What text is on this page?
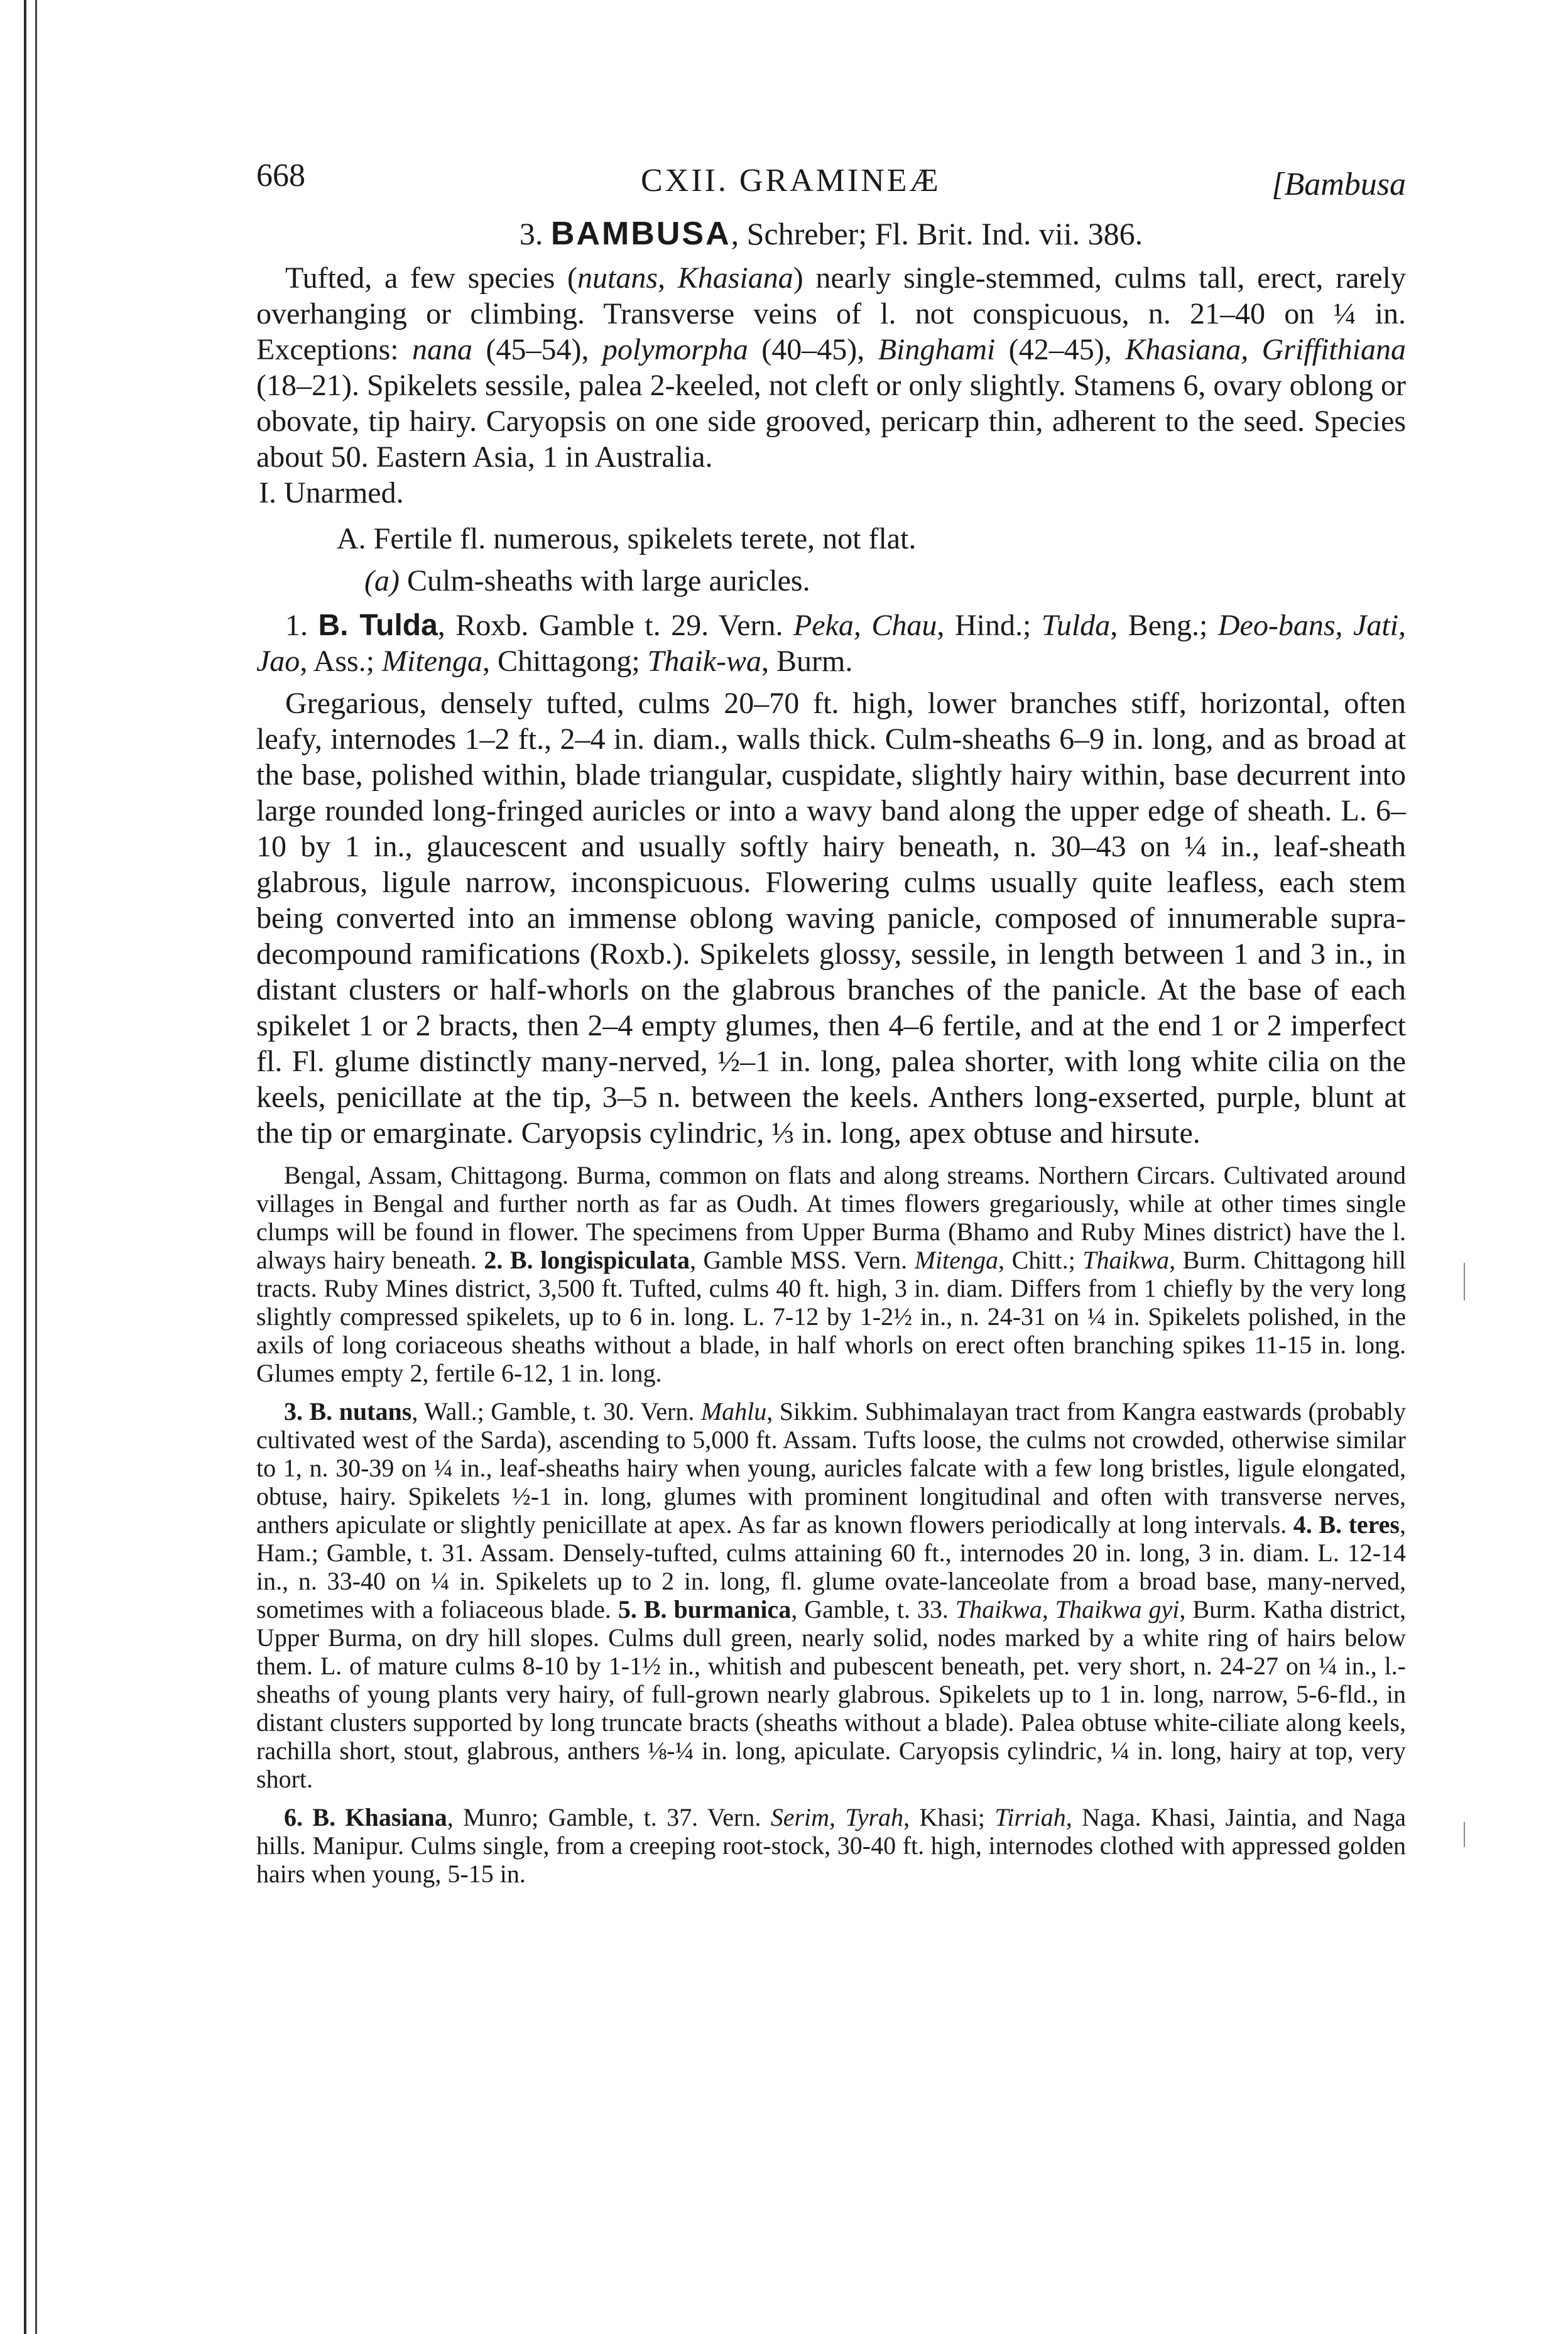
668	CXII. GRAMINEÆ	[Bambusa
3. BAMBUSA, Schreber; Fl. Brit. Ind. vii. 386.

Tufted, a few species (nutans, Khasiana) nearly single-stemmed, culms tall, erect, rarely overhanging or climbing. Transverse veins of l. not conspicuous, n. 21–40 on ¼ in. Exceptions: nana (45–54), polymorpha (40–45), Binghami (42–45), Khasiana, Griffithiana (18–21). Spikelets sessile, palea 2-keeled, not cleft or only slightly. Stamens 6, ovary oblong or obovate, tip hairy. Caryopsis on one side grooved, pericarp thin, adherent to the seed. Species about 50. Eastern Asia, 1 in Australia.

I. Unarmed.

A. Fertile fl. numerous, spikelets terete, not flat.

(a) Culm-sheaths with large auricles.

1. B. Tulda, Roxb. Gamble t. 29. Vern. Peka, Chau, Hind.; Tulda, Beng.; Deo-bans, Jati, Jao, Ass.; Mitenga, Chittagong; Thaik-wa, Burm.

Gregarious, densely tufted, culms 20–70 ft. high, lower branches stiff, horizontal, often leafy, internodes 1–2 ft., 2–4 in. diam., walls thick. Culm-sheaths 6–9 in. long, and as broad at the base, polished within, blade triangular, cuspidate, slightly hairy within, base decurrent into large rounded long-fringed auricles or into a wavy band along the upper edge of sheath. L. 6–10 by 1 in., glaucescent and usually softly hairy beneath, n. 30–43 on ¼ in., leaf-sheath glabrous, ligule narrow, inconspicuous. Flowering culms usually quite leafless, each stem being converted into an immense oblong waving panicle, composed of innumerable supra-decompound ramifications (Roxb.). Spikelets glossy, sessile, in length between 1 and 3 in., in distant clusters or half-whorls on the glabrous branches of the panicle. At the base of each spikelet 1 or 2 bracts, then 2–4 empty glumes, then 4–6 fertile, and at the end 1 or 2 imperfect fl. Fl. glume distinctly many-nerved, ½–1 in. long, palea shorter, with long white cilia on the keels, penicillate at the tip, 3–5 n. between the keels. Anthers long-exserted, purple, blunt at the tip or emarginate. Caryopsis cylindric, ⅓ in. long, apex obtuse and hirsute.

Bengal, Assam, Chittagong. Burma, common on flats and along streams. Northern Circars. Cultivated around villages in Bengal and further north as far as Oudh. At times flowers gregariously, while at other times single clumps will be found in flower. The specimens from Upper Burma (Bhamo and Ruby Mines district) have the l. always hairy beneath. 2. B. longispiculata, Gamble MSS. Vern. Mitenga, Chitt.; Thaikwa, Burm. Chittagong hill tracts. Ruby Mines district, 3,500 ft. Tufted, culms 40 ft. high, 3 in. diam. Differs from 1 chiefly by the very long slightly compressed spikelets, up to 6 in. long. L. 7-12 by 1-2½ in., n. 24-31 on ¼ in. Spikelets polished, in the axils of long coriaceous sheaths without a blade, in half whorls on erect often branching spikes 11-15 in. long. Glumes empty 2, fertile 6-12, 1 in. long.

3. B. nutans, Wall.; Gamble, t. 30. Vern. Mahlu, Sikkim. Subhimalayan tract from Kangra eastwards (probably cultivated west of the Sarda), ascending to 5,000 ft. Assam. Tufts loose, the culms not crowded, otherwise similar to 1, n. 30-39 on ¼ in., leaf-sheaths hairy when young, auricles falcate with a few long bristles, ligule elongated, obtuse, hairy. Spikelets ½-1 in. long, glumes with prominent longitudinal and often with transverse nerves, anthers apiculate or slightly penicillate at apex. As far as known flowers periodically at long intervals. 4. B. teres, Ham.; Gamble, t. 31. Assam. Densely-tufted, culms attaining 60 ft., internodes 20 in. long, 3 in. diam. L. 12-14 in., n. 33-40 on ¼ in. Spikelets up to 2 in. long, fl. glume ovate-lanceolate from a broad base, many-nerved, sometimes with a foliaceous blade. 5. B. burmanica, Gamble, t. 33. Thaikwa, Thaikwa gyi, Burm. Katha district, Upper Burma, on dry hill slopes. Culms dull green, nearly solid, nodes marked by a white ring of hairs below them. L. of mature culms 8-10 by 1-1½ in., whitish and pubescent beneath, pet. very short, n. 24-27 on ¼ in., l.-sheaths of young plants very hairy, of full-grown nearly glabrous. Spikelets up to 1 in. long, narrow, 5-6-fld., in distant clusters supported by long truncate bracts (sheaths without a blade). Palea obtuse white-ciliate along keels, rachilla short, stout, glabrous, anthers ⅛-¼ in. long, apiculate. Caryopsis cylindric, ¼ in. long, hairy at top, very short.

6. B. Khasiana, Munro; Gamble, t. 37. Vern. Serim, Tyrah, Khasi; Tirriah, Naga. Khasi, Jaintia, and Naga hills. Manipur. Culms single, from a creeping root-stock, 30-40 ft. high, internodes clothed with appressed golden hairs when young, 5-15 in.
